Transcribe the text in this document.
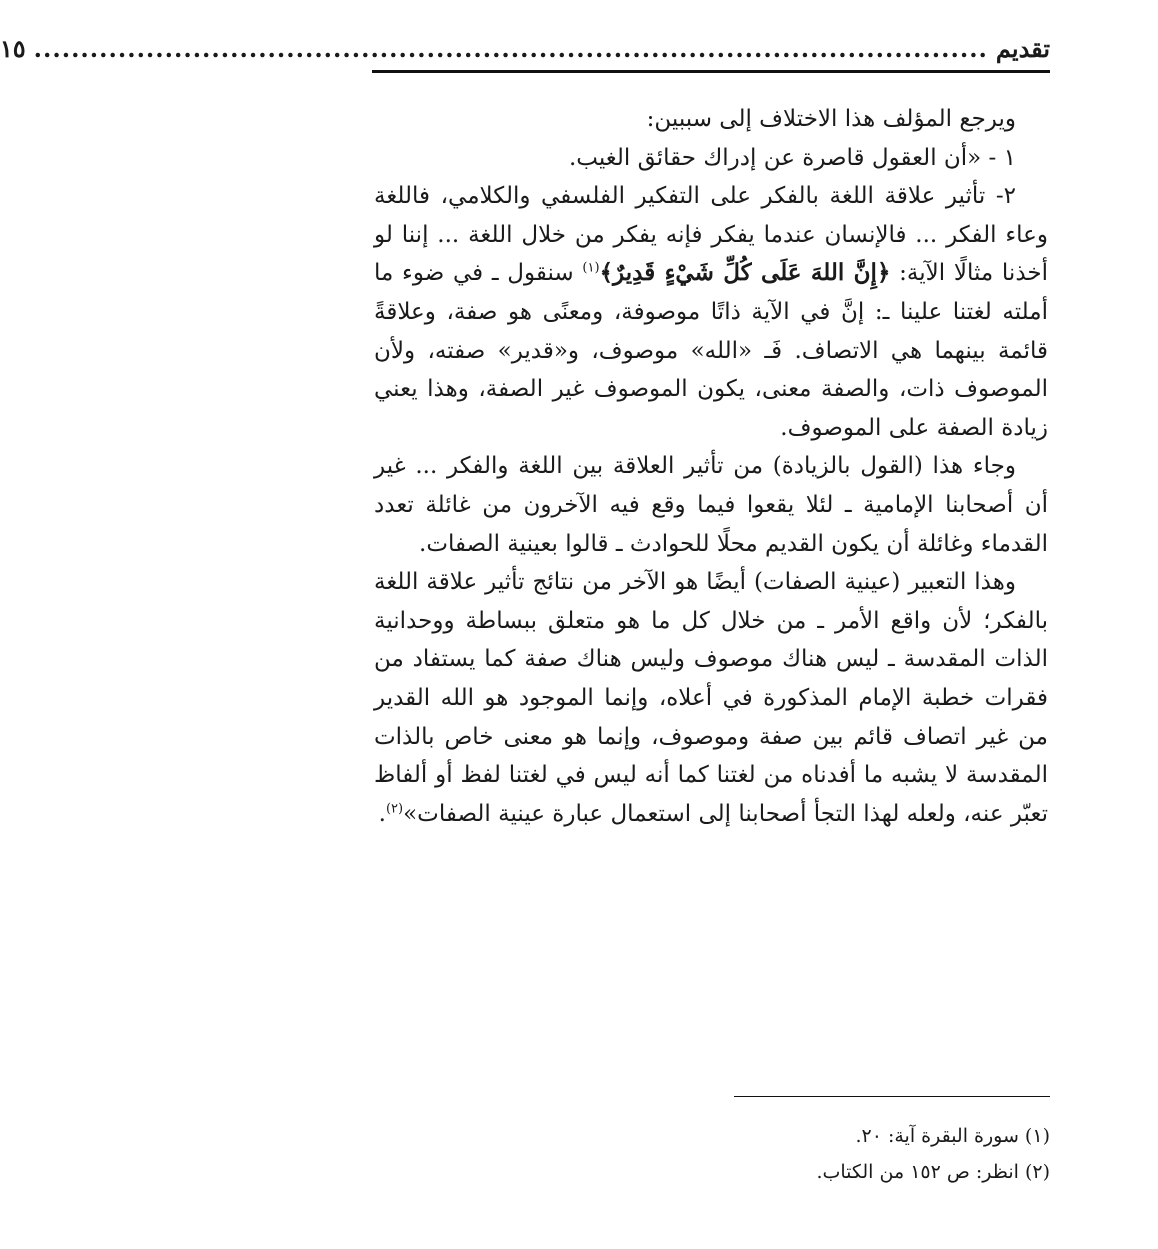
تقديم
......................................................................................................
١٥

ويرجع المؤلف هذا الاختلاف إلى سببين:

١ - «أن العقول قاصرة عن إدراك حقائق الغيب.

٢- تأثير علاقة اللغة بالفكر على التفكير الفلسفي والكلامي، فاللغة وعاء الفكر ... فالإنسان عندما يفكر فإنه يفكر من خلال اللغة ... إننا لو أخذنا مثالًا الآية: ﴿إِنَّ اللهَ عَلَى كُلِّ شَيْءٍ قَدِيرٌ﴾$^{(١)}$ سنقول ـ في ضوء ما أملته لغتنا علينا ـ: إنَّ في الآية ذاتًا موصوفة، ومعنًى هو صفة، وعلاقةً قائمة بينهما هي الاتصاف. فَـ «الله» موصوف، و«قدير» صفته، ولأن الموصوف ذات، والصفة معنى، يكون الموصوف غير الصفة، وهذا يعني زيادة الصفة على الموصوف.

وجاء هذا (القول بالزيادة) من تأثير العلاقة بين اللغة والفكر ... غير أن أصحابنا الإمامية ـ لئلا يقعوا فيما وقع فيه الآخرون من غائلة تعدد القدماء وغائلة أن يكون القديم محلًا للحوادث ـ قالوا بعينية الصفات.

وهذا التعبير (عينية الصفات) أيضًا هو الآخر من نتائج تأثير علاقة اللغة بالفكر؛ لأن واقع الأمر ـ من خلال كل ما هو متعلق ببساطة ووحدانية الذات المقدسة ـ ليس هناك موصوف وليس هناك صفة كما يستفاد من فقرات خطبة الإمام المذكورة في أعلاه، وإنما الموجود هو الله القدير من غير اتصاف قائم بين صفة وموصوف، وإنما هو معنى خاص بالذات المقدسة لا يشبه ما أفدناه من لغتنا كما أنه ليس في لغتنا لفظ أو ألفاظ تعبّر عنه، ولعله لهذا التجأ أصحابنا إلى استعمال عبارة عينية الصفات»$^{(٢)}$.

(١) سورة البقرة آية: ٢٠.

(٢) انظر: ص ١٥٢ من الكتاب.
